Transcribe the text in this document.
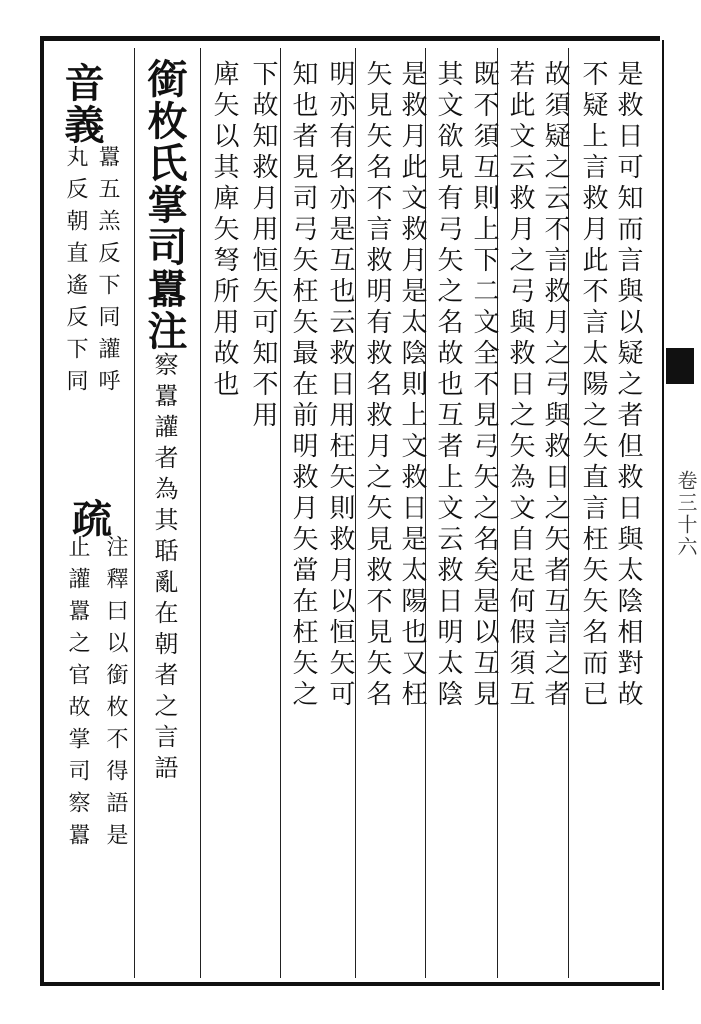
是救日可知而言與以疑之者但救日與太陰相對故
不疑上言救月此不言太陽之矢直言枉矢矢名而已
故須疑之云不言救月之弓與救日之矢者互言之者
若此文云救月之弓與救日之矢為文自足何假須互
既不須互則上下二文全不見弓矢之名矣是以互見
其文欲見有弓矢之名故也互者上文云救日明太陰
是救月此文救月是太陰則上文救日是太陽也又枉
矢見矢名不言救明有救名救月之矢見救不見矢名
明亦有名亦是互也云救日用枉矢則救月以恒矢可
知也者見司弓矢枉矢最在前明救月矢當在枉矢之
下故知救月用恒矢可知不用
庳矢以其庳矢弩所用故也
銜枚氏掌司囂注察囂讙者為其聒亂在朝者之言語
音義
囂五羔反下同讙呼
丸反朝直遙反下同
疏
注釋曰以銜枚不得語是
止讙囂之官故掌司察囂
卷三十六
